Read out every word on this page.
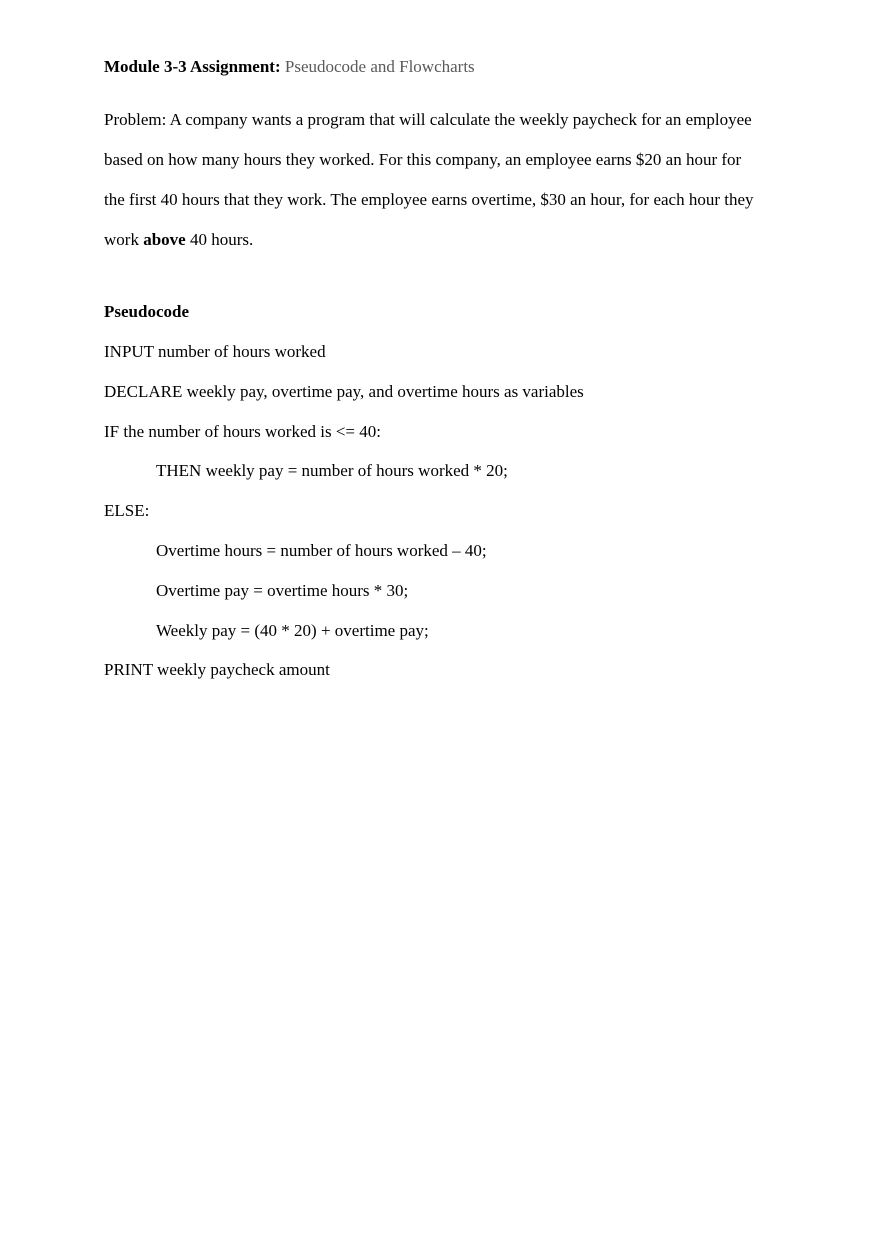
Module 3-3 Assignment: Pseudocode and Flowcharts
Problem: A company wants a program that will calculate the weekly paycheck for an employee
based on how many hours they worked. For this company, an employee earns $20 an hour for
the first 40 hours that they work. The employee earns overtime, $30 an hour, for each hour they
work above 40 hours.
Pseudocode
INPUT number of hours worked
DECLARE weekly pay, overtime pay, and overtime hours as variables
IF the number of hours worked is <= 40:
THEN weekly pay = number of hours worked * 20;
ELSE:
Overtime hours = number of hours worked – 40;
Overtime pay = overtime hours * 30;
Weekly pay = (40 * 20) + overtime pay;
PRINT weekly paycheck amount
